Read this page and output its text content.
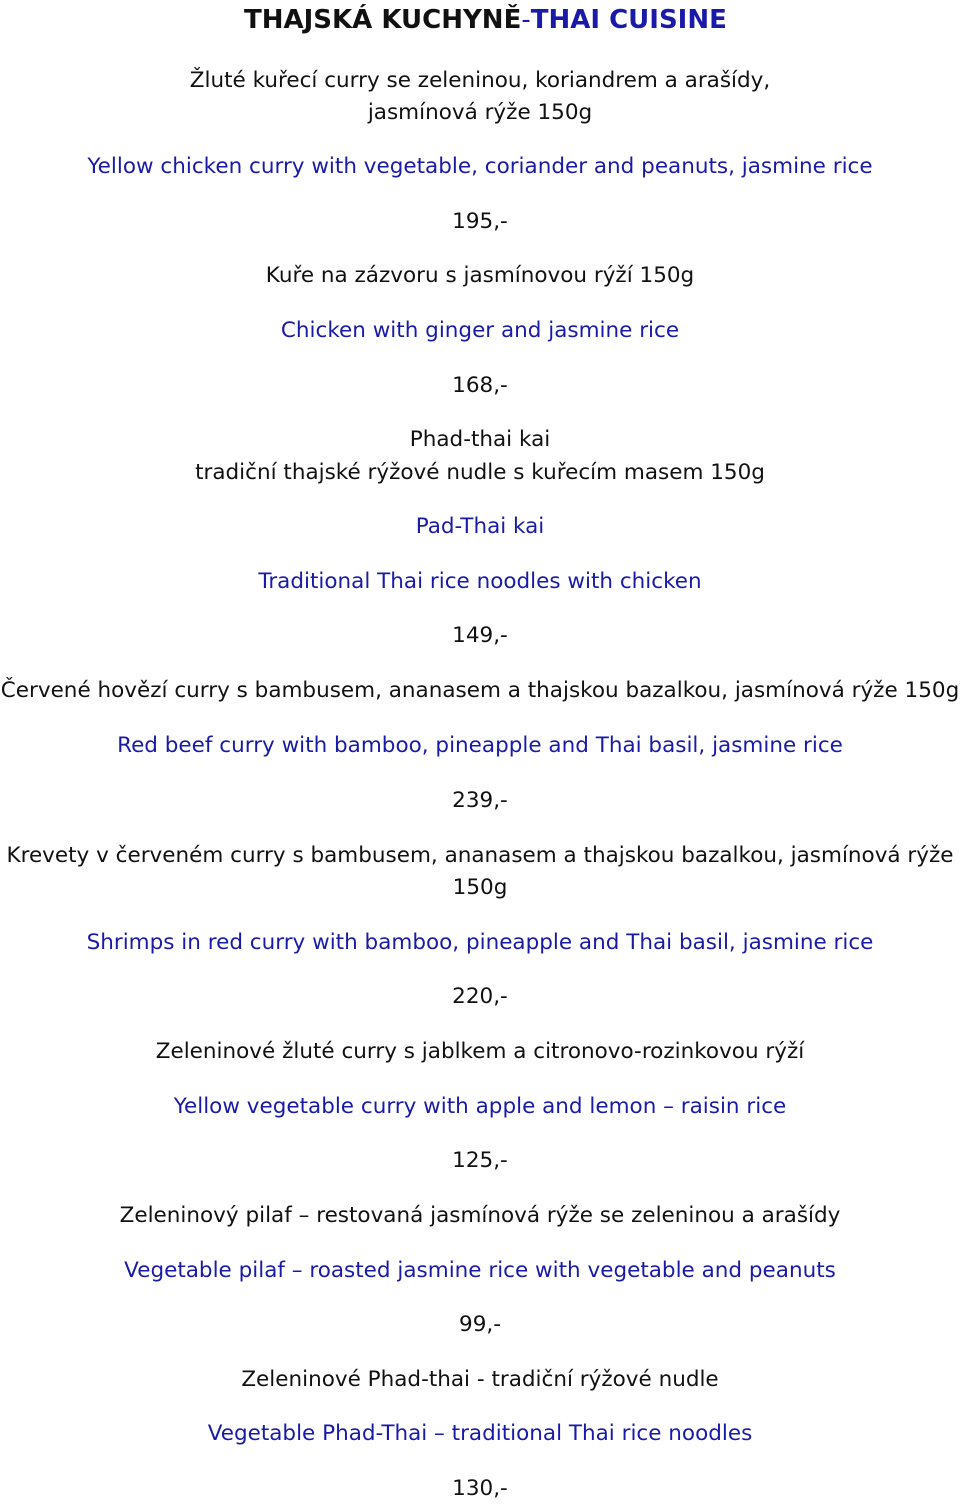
THAJSKÁ KUCHYNĚ-THAI CUISINE
Žluté kuřecí curry se zeleninou, koriandrem a arašídy,
jasmínová rýže 150g
Yellow chicken curry with vegetable, coriander and peanuts, jasmine rice
195,-
Kuře na zázvoru s jasmínovou rýží 150g
Chicken with ginger and jasmine rice
168,-
Phad-thai kai
tradiční thajské rýžové nudle s kuřecím masem 150g
Pad-Thai kai
Traditional Thai rice noodles with chicken
149,-
Červené hovězí curry s bambusem, ananasem a thajskou bazalkou, jasmínová rýže 150g
Red beef curry with bamboo, pineapple and Thai basil, jasmine rice
239,-
Krevety v červeném curry s bambusem, ananasem a thajskou bazalkou, jasmínová rýže
150g
Shrimps in red curry with bamboo, pineapple and Thai basil, jasmine rice
220,-
Zeleninové žluté curry s jablkem a citronovo-rozinkovou rýží
Yellow vegetable curry with apple and lemon – raisin rice
125,-
Zeleninový pilaf – restovaná jasmínová rýže se zeleninou a arašídy
Vegetable pilaf – roasted jasmine rice with vegetable and peanuts
99,-
Zeleninové Phad-thai - tradiční rýžové nudle
Vegetable Phad-Thai – traditional Thai rice noodles
130,-
